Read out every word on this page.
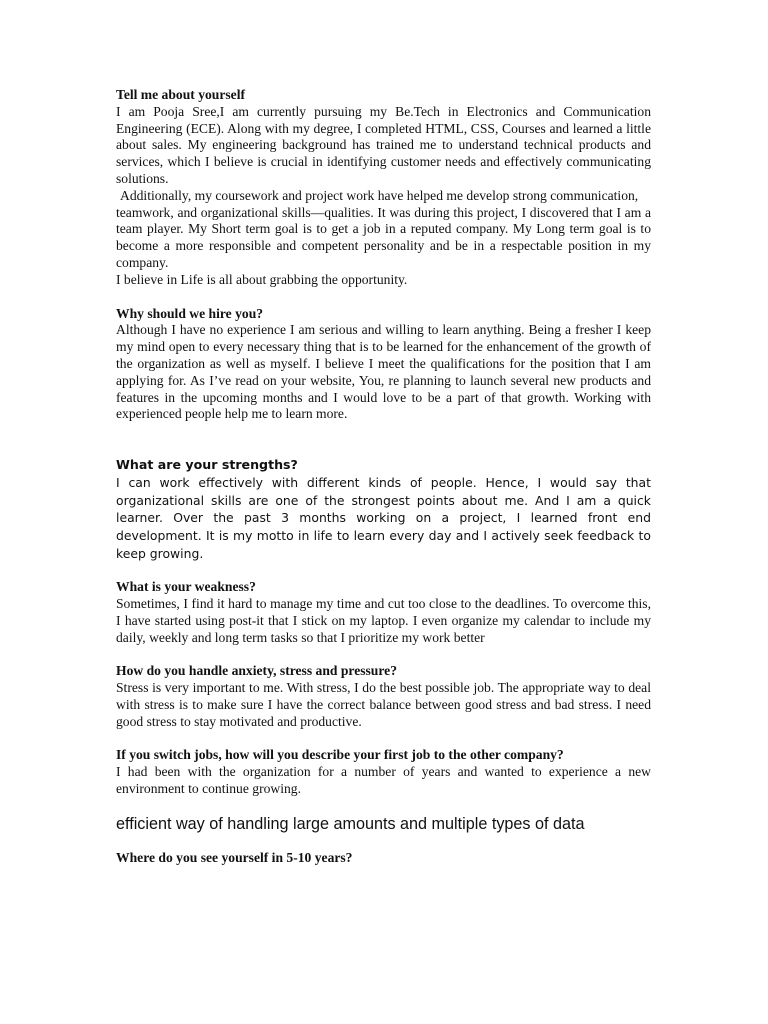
Tell me about yourself

I am Pooja Sree,I am currently pursuing my Be.Tech in Electronics and Communication Engineering (ECE). Along with my degree, I completed HTML, CSS, Courses and learned a little about sales. My engineering background has trained me to understand technical products and services, which I believe is crucial in identifying customer needs and effectively communicating solutions.

Additionally, my coursework and project work have helped me develop strong communication,

teamwork, and organizational skills—qualities. It was during this project, I discovered that I am a team player. My Short term goal is to get a job in a reputed company. My Long term goal is to become a more responsible and competent personality and be in a respectable position in my company.

I believe in Life is all about grabbing the opportunity.

Why should we hire you?

Although I have no experience I am serious and willing to learn anything. Being a fresher I keep my mind open to every necessary thing that is to be learned for the enhancement of the growth of the organization as well as myself. I believe I meet the qualifications for the position that I am applying for. As I’ve read on your website, You, re planning to launch several new products and features in the upcoming months and I would love to be a part of that growth. Working with experienced people help me to learn more.

What are your strengths?

I can work effectively with different kinds of people. Hence, I would say that organizational skills are one of the strongest points about me. And I am a quick learner. Over the past 3 months working on a project, I learned front end development. It is my motto in life to learn every day and I actively seek feedback to keep growing.

What is your weakness?

Sometimes, I find it hard to manage my time and cut too close to the deadlines. To overcome this, I have started using post-it that I stick on my laptop. I even organize my calendar to include my daily, weekly and long term tasks so that I prioritize my work better

How do you handle anxiety, stress and pressure?

Stress is very important to me. With stress, I do the best possible job. The appropriate way to deal with stress is to make sure I have the correct balance between good stress and bad stress. I need good stress to stay motivated and productive.

If you switch jobs, how will you describe your first job to the other company?

I had been with the organization for a number of years and wanted to experience a new environment to continue growing.

efficient way of handling large amounts and multiple types of data

Where do you see yourself in 5-10 years?
